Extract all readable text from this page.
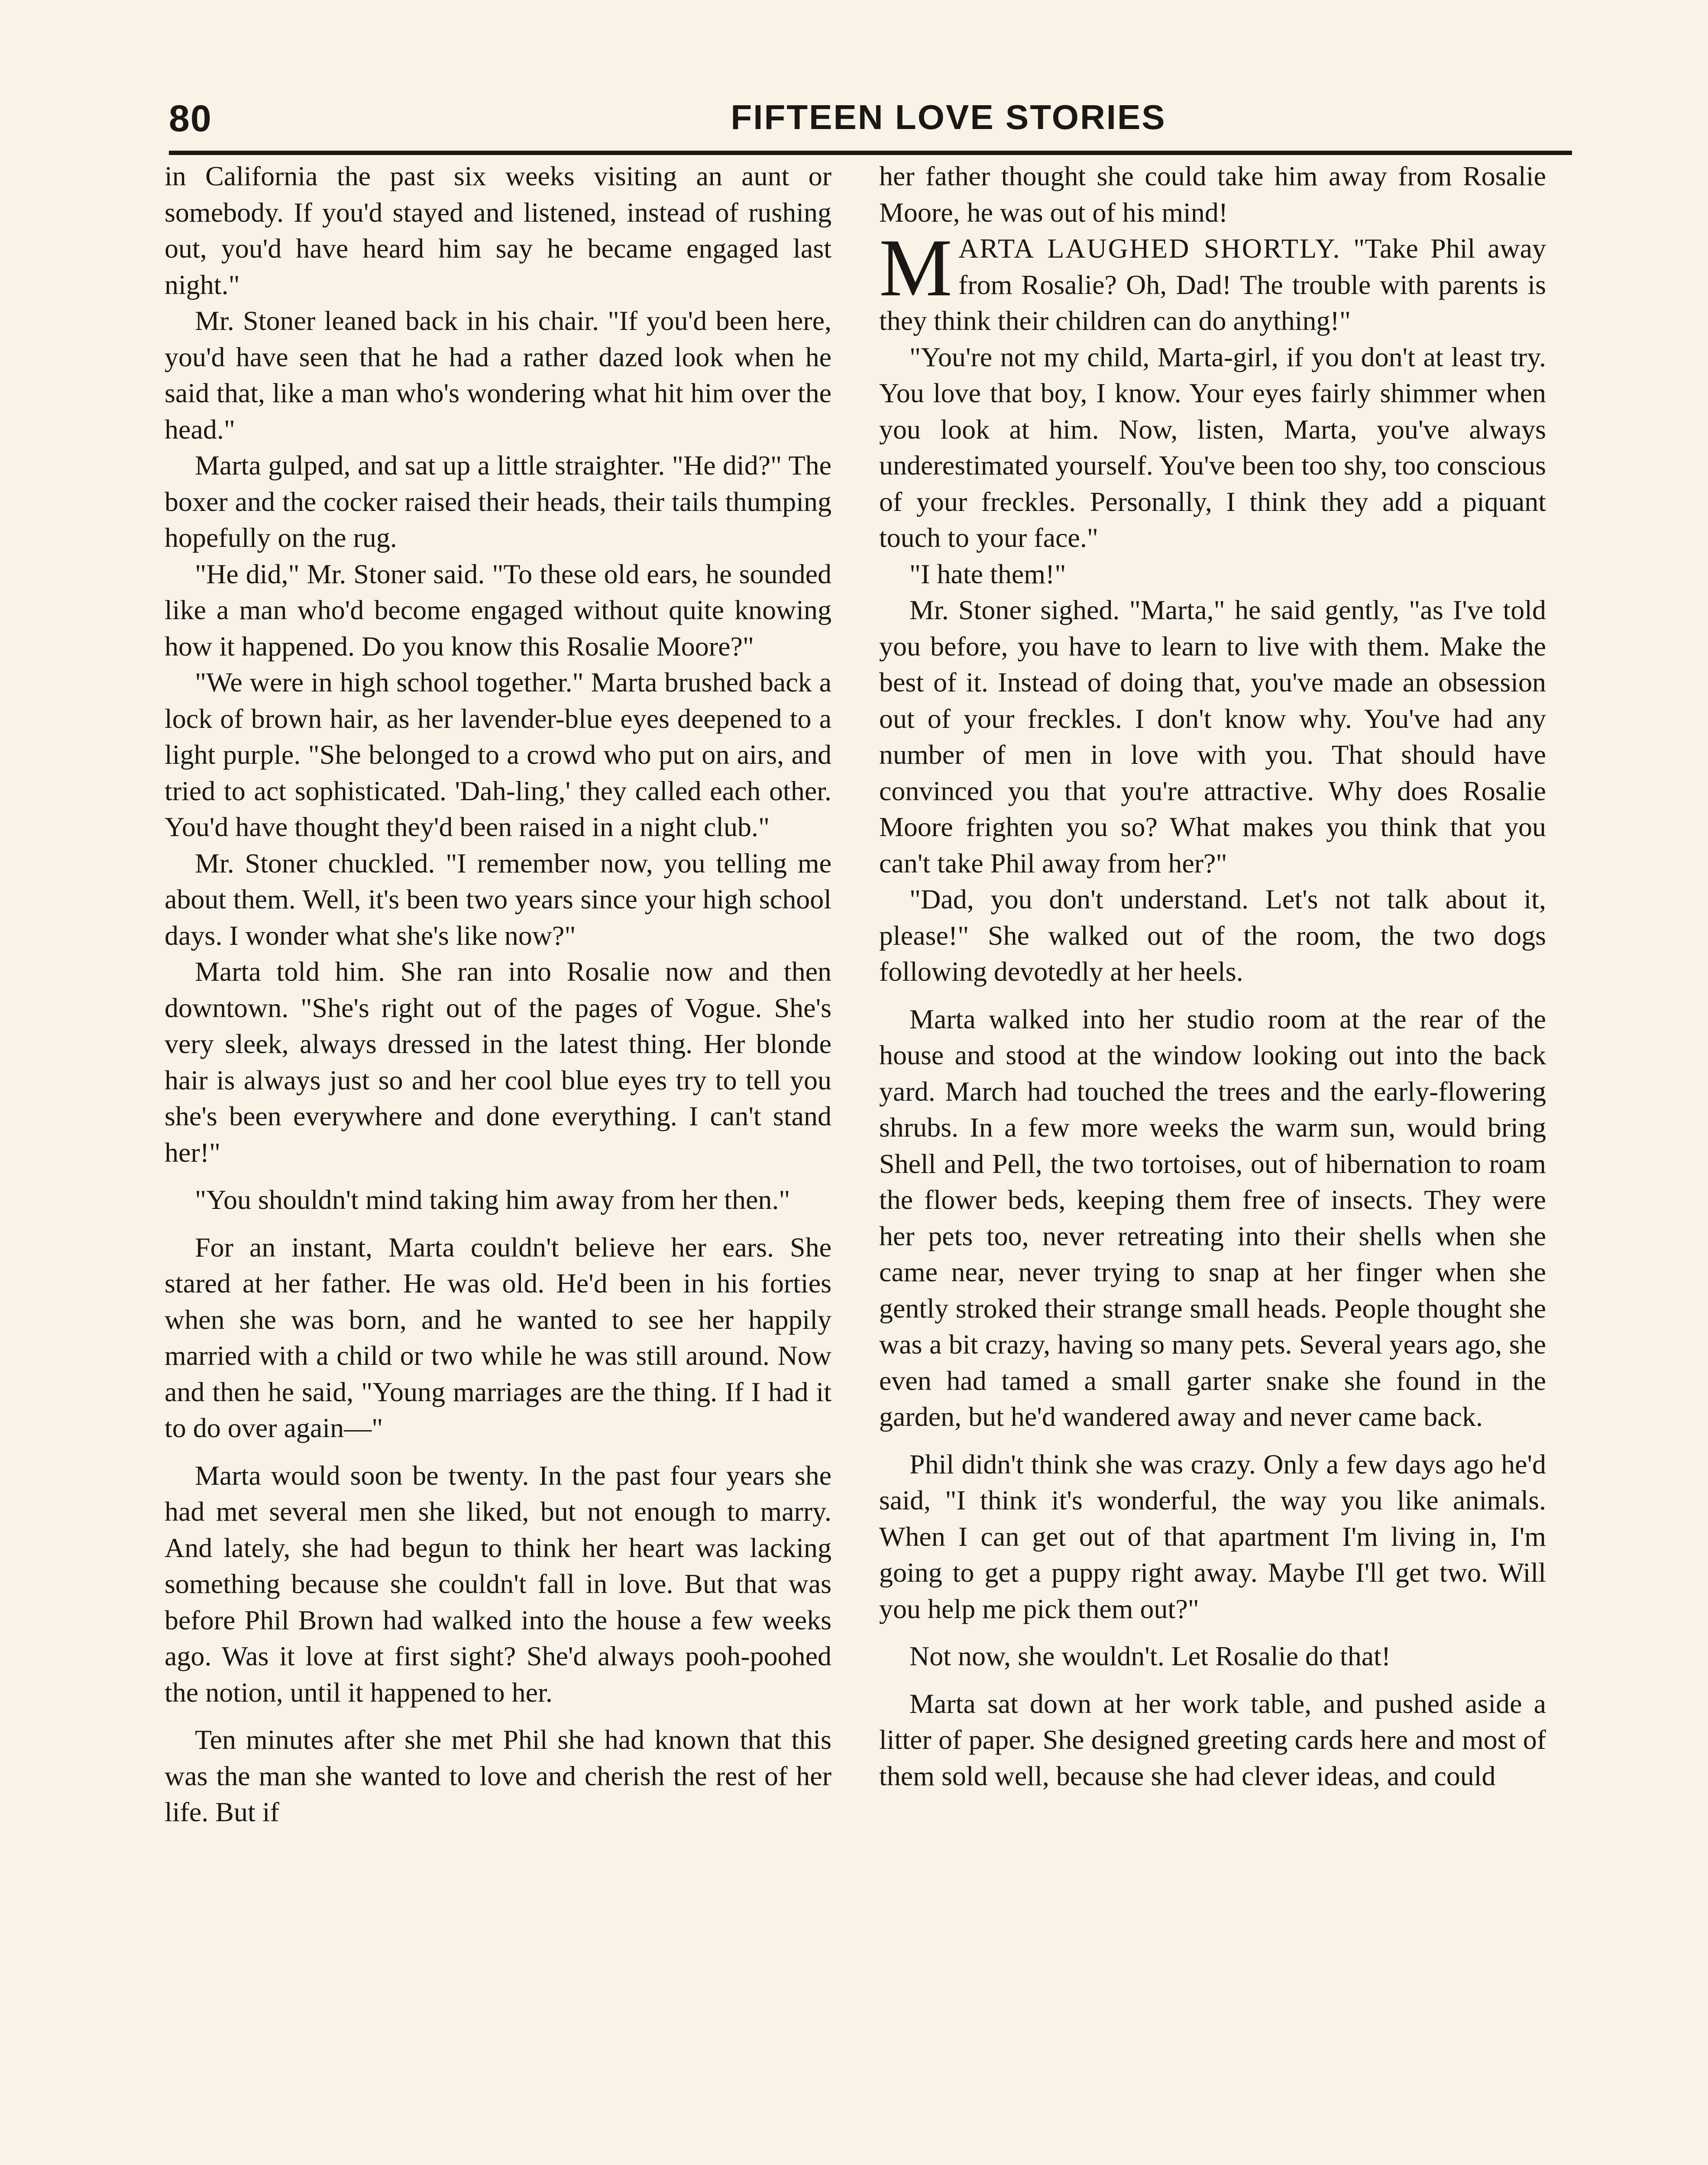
80	FIFTEEN LOVE STORIES

in California the past six weeks visiting an aunt or somebody. If you'd stayed and listened, instead of rushing out, you'd have heard him say he became engaged last night."

Mr. Stoner leaned back in his chair. "If you'd been here, you'd have seen that he had a rather dazed look when he said that, like a man who's wondering what hit him over the head."

Marta gulped, and sat up a little straighter. "He did?" The boxer and the cocker raised their heads, their tails thumping hopefully on the rug.

"He did," Mr. Stoner said. "To these old ears, he sounded like a man who'd become engaged without quite knowing how it happened. Do you know this Rosalie Moore?"

"We were in high school together." Marta brushed back a lock of brown hair, as her lavender-blue eyes deepened to a light purple. "She belonged to a crowd who put on airs, and tried to act sophisticated. 'Dah-ling,' they called each other. You'd have thought they'd been raised in a night club."

Mr. Stoner chuckled. "I remember now, you telling me about them. Well, it's been two years since your high school days. I wonder what she's like now?"

Marta told him. She ran into Rosalie now and then downtown. "She's right out of the pages of Vogue. She's very sleek, always dressed in the latest thing. Her blonde hair is always just so and her cool blue eyes try to tell you she's been everywhere and done everything. I can't stand her!"

"You shouldn't mind taking him away from her then."

For an instant, Marta couldn't believe her ears. She stared at her father. He was old. He'd been in his forties when she was born, and he wanted to see her happily married with a child or two while he was still around. Now and then he said, "Young marriages are the thing. If I had it to do over again—"

Marta would soon be twenty. In the past four years she had met several men she liked, but not enough to marry. And lately, she had begun to think her heart was lacking something because she couldn't fall in love. But that was before Phil Brown had walked into the house a few weeks ago. Was it love at first sight? She'd always pooh-poohed the notion, until it happened to her.

Ten minutes after she met Phil she had known that this was the man she wanted to love and cherish the rest of her life. But if

her father thought she could take him away from Rosalie Moore, he was out of his mind!

MARTA LAUGHED SHORTLY. "Take Phil away from Rosalie? Oh, Dad! The trouble with parents is they think their children can do anything!"

"You're not my child, Marta-girl, if you don't at least try. You love that boy, I know. Your eyes fairly shimmer when you look at him. Now, listen, Marta, you've always underestimated yourself. You've been too shy, too conscious of your freckles. Personally, I think they add a piquant touch to your face."

"I hate them!"

Mr. Stoner sighed. "Marta," he said gently, "as I've told you before, you have to learn to live with them. Make the best of it. Instead of doing that, you've made an obsession out of your freckles. I don't know why. You've had any number of men in love with you. That should have convinced you that you're attractive. Why does Rosalie Moore frighten you so? What makes you think that you can't take Phil away from her?"

"Dad, you don't understand. Let's not talk about it, please!" She walked out of the room, the two dogs following devotedly at her heels.

Marta walked into her studio room at the rear of the house and stood at the window looking out into the back yard. March had touched the trees and the early-flowering shrubs. In a few more weeks the warm sun, would bring Shell and Pell, the two tortoises, out of hibernation to roam the flower beds, keeping them free of insects. They were her pets too, never retreating into their shells when she came near, never trying to snap at her finger when she gently stroked their strange small heads. People thought she was a bit crazy, having so many pets. Several years ago, she even had tamed a small garter snake she found in the garden, but he'd wandered away and never came back.

Phil didn't think she was crazy. Only a few days ago he'd said, "I think it's wonderful, the way you like animals. When I can get out of that apartment I'm living in, I'm going to get a puppy right away. Maybe I'll get two. Will you help me pick them out?"

Not now, she wouldn't. Let Rosalie do that!

Marta sat down at her work table, and pushed aside a litter of paper. She designed greeting cards here and most of them sold well, because she had clever ideas, and could
